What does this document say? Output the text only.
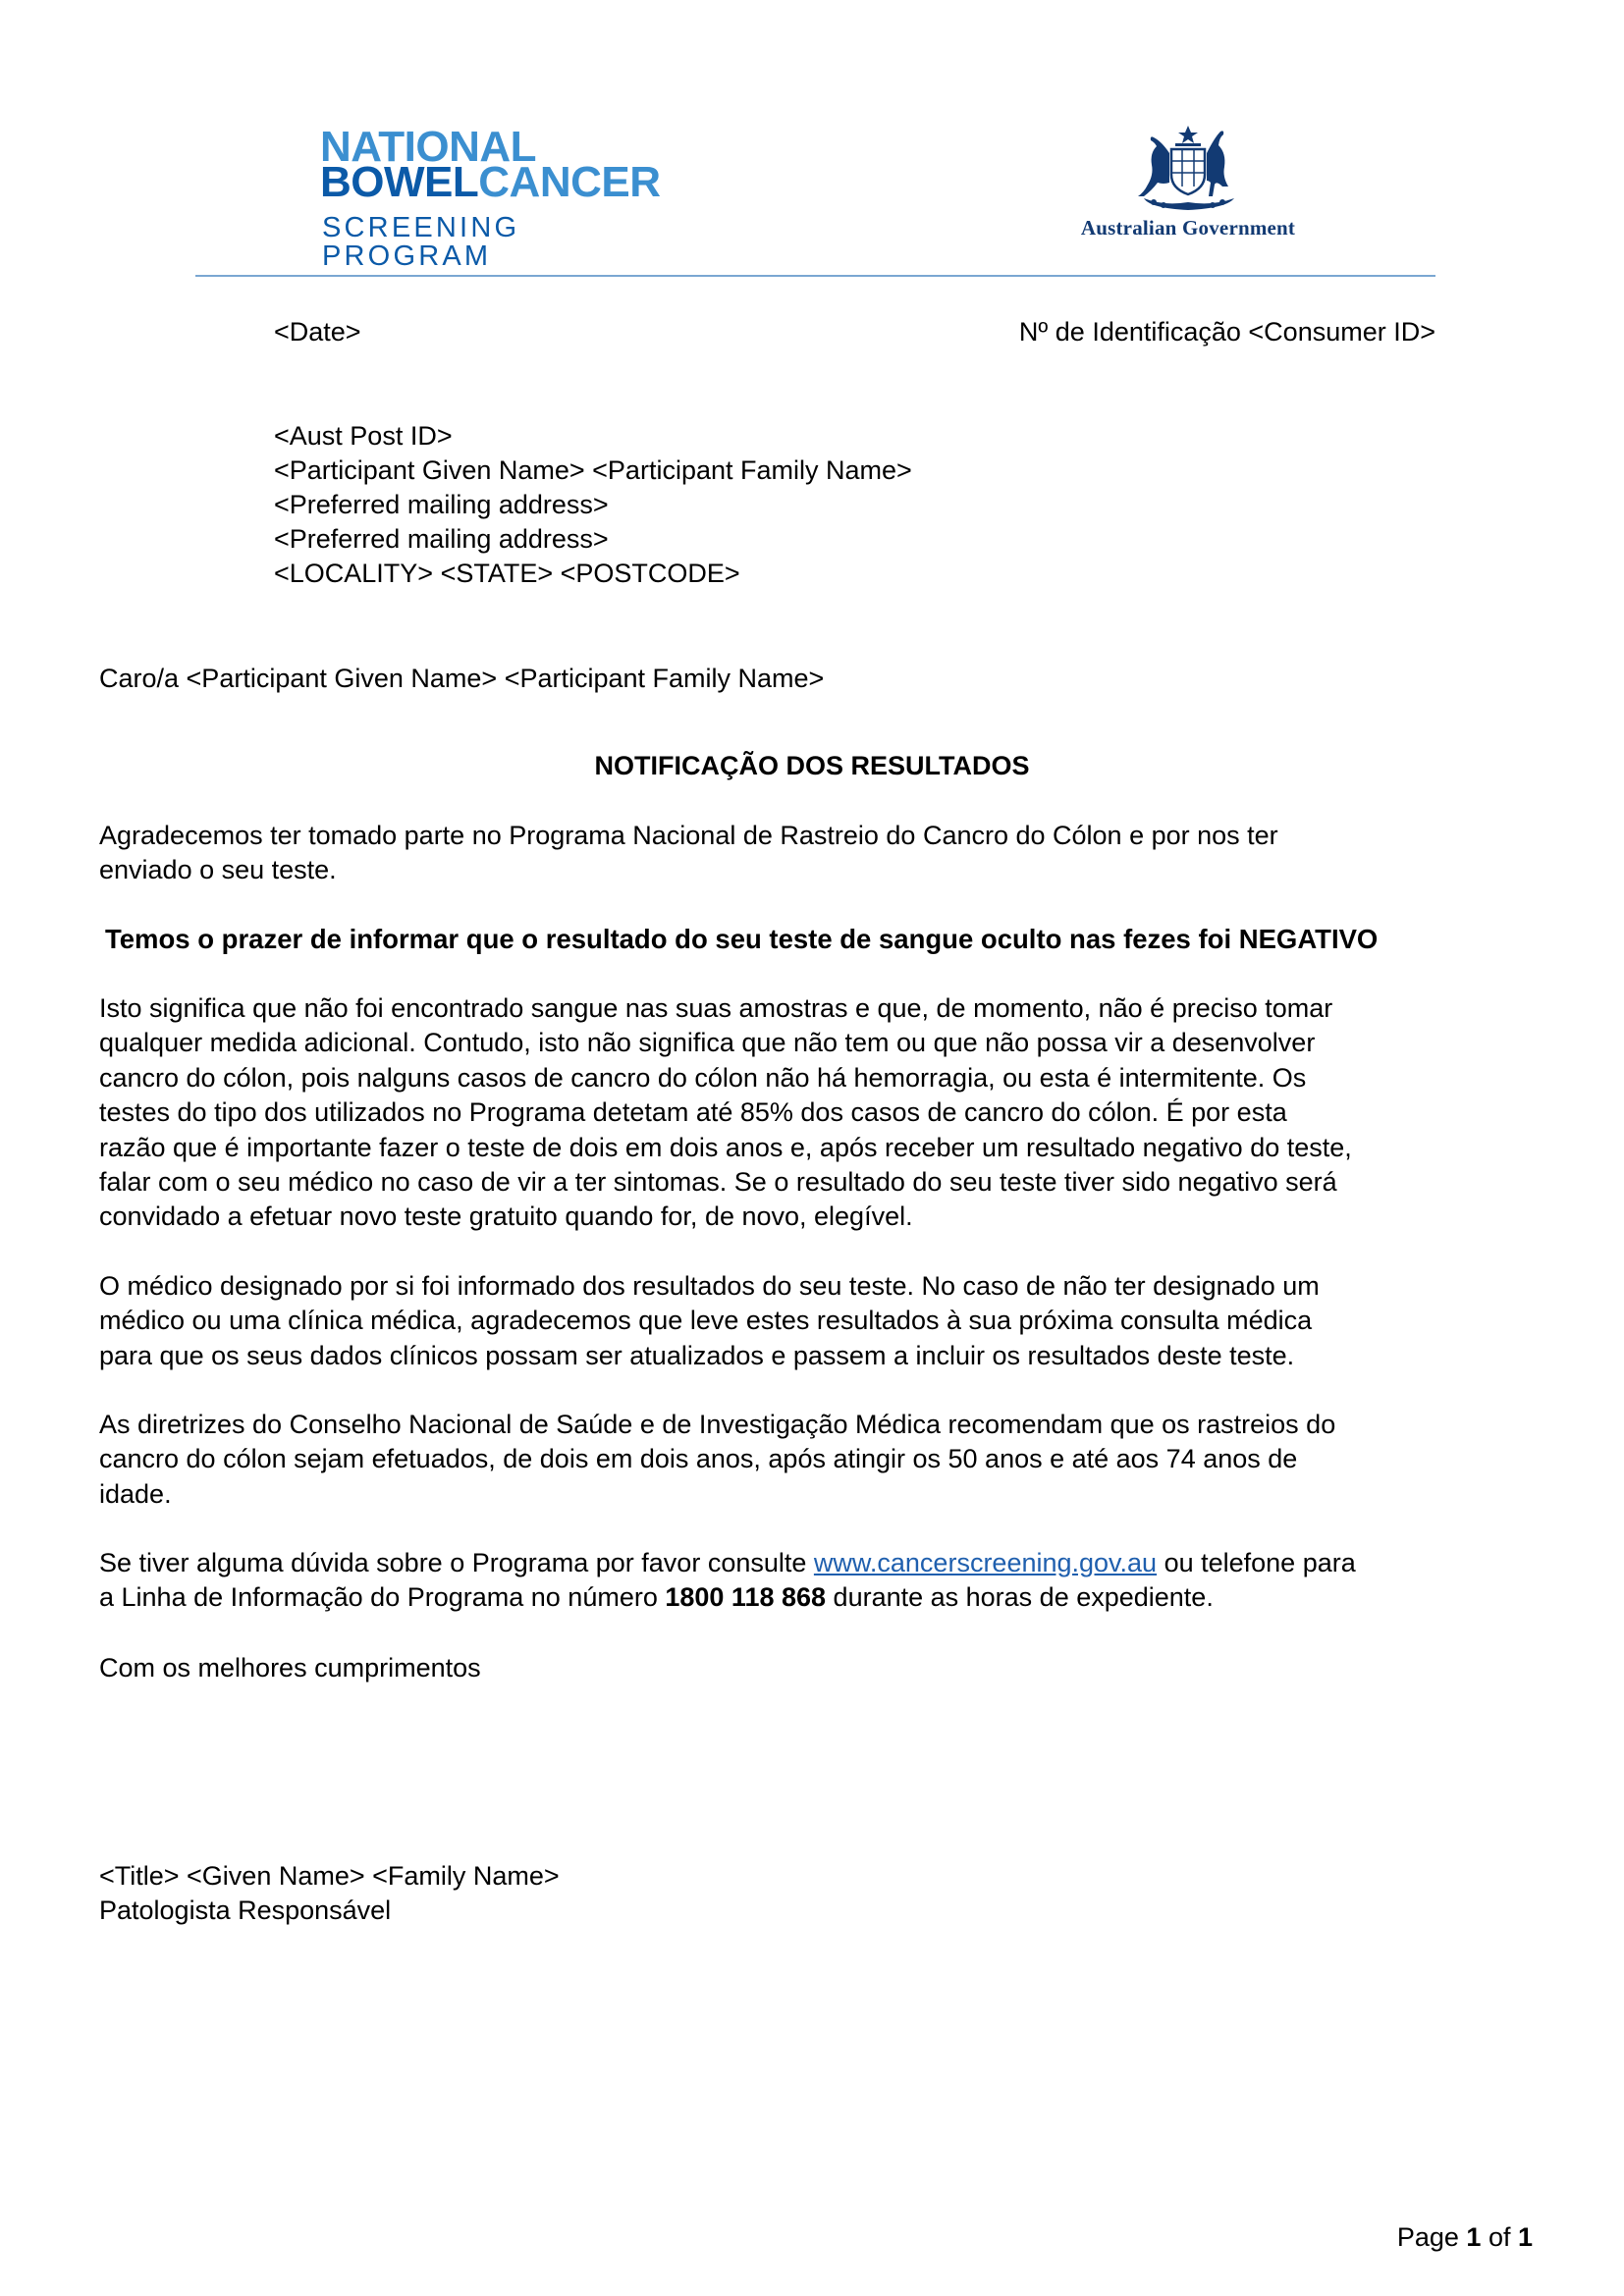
NATIONAL
BOWELCANCER
SCREENING PROGRAM
Australian Government
<Date>	Nº de Identificação <Consumer ID>
<Aust Post ID>
<Participant Given Name> <Participant Family Name>
<Preferred mailing address>
<Preferred mailing address>
<LOCALITY> <STATE> <POSTCODE>
Caro/a <Participant Given Name> <Participant Family Name>
NOTIFICAÇÃO DOS RESULTADOS
Agradecemos ter tomado parte no Programa Nacional de Rastreio do Cancro do Cólon e por nos ter
enviado o seu teste.
Temos o prazer de informar que o resultado do seu teste de sangue oculto nas fezes foi NEGATIVO
Isto significa que não foi encontrado sangue nas suas amostras e que, de momento, não é preciso tomar
qualquer medida adicional. Contudo, isto não significa que não tem ou que não possa vir a desenvolver
cancro do cólon, pois nalguns casos de cancro do cólon não há hemorragia, ou esta é intermitente. Os
testes do tipo dos utilizados no Programa detetam até 85% dos casos de cancro do cólon. É por esta
razão que é importante fazer o teste de dois em dois anos e, após receber um resultado negativo do teste,
falar com o seu médico no caso de vir a ter sintomas. Se o resultado do seu teste tiver sido negativo será
convidado a efetuar novo teste gratuito quando for, de novo, elegível.
O médico designado por si foi informado dos resultados do seu teste. No caso de não ter designado um
médico ou uma clínica médica, agradecemos que leve estes resultados à sua próxima consulta médica
para que os seus dados clínicos possam ser atualizados e passem a incluir os resultados deste teste.
As diretrizes do Conselho Nacional de Saúde e de Investigação Médica recomendam que os rastreios do
cancro do cólon sejam efetuados, de dois em dois anos, após atingir os 50 anos e até aos 74 anos de
idade.
Se tiver alguma dúvida sobre o Programa por favor consulte www.cancerscreening.gov.au ou telefone para
a Linha de Informação do Programa no número 1800 118 868 durante as horas de expediente.
Com os melhores cumprimentos
<Title> <Given Name> <Family Name>
Patologista Responsável
Page 1 of 1
